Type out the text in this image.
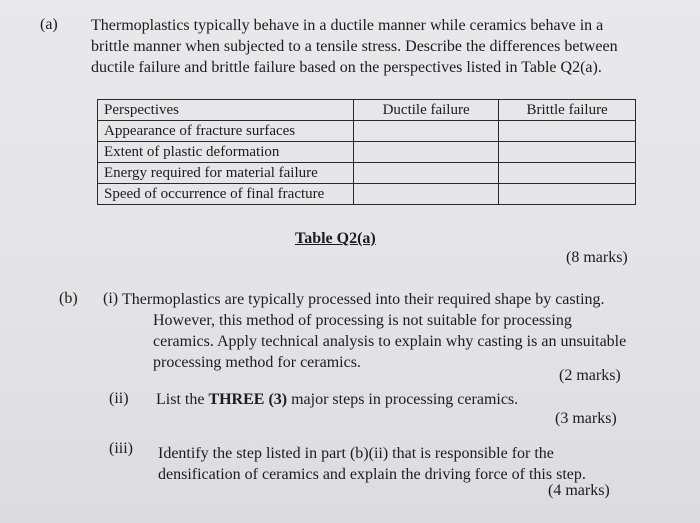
(a) Thermoplastics typically behave in a ductile manner while ceramics behave in a
brittle manner when subjected to a tensile stress. Describe the differences between
ductile failure and brittle failure based on the perspectives listed in Table Q2(a).
Perspectives	Ductile failure	Brittle failure
Appearance of fracture surfaces		
Extent of plastic deformation		
Energy required for material failure		
Speed of occurrence of final fracture		
Table Q2(a)
(8 marks)
(b) (i) Thermoplastics are typically processed into their required shape by casting.
However, this method of processing is not suitable for processing
ceramics. Apply technical analysis to explain why casting is an unsuitable
processing method for ceramics.
(2 marks)
(ii) List the THREE (3) major steps in processing ceramics.
(3 marks)
(iii) Identify the step listed in part (b)(ii) that is responsible for the
densification of ceramics and explain the driving force of this step.
(4 marks)
